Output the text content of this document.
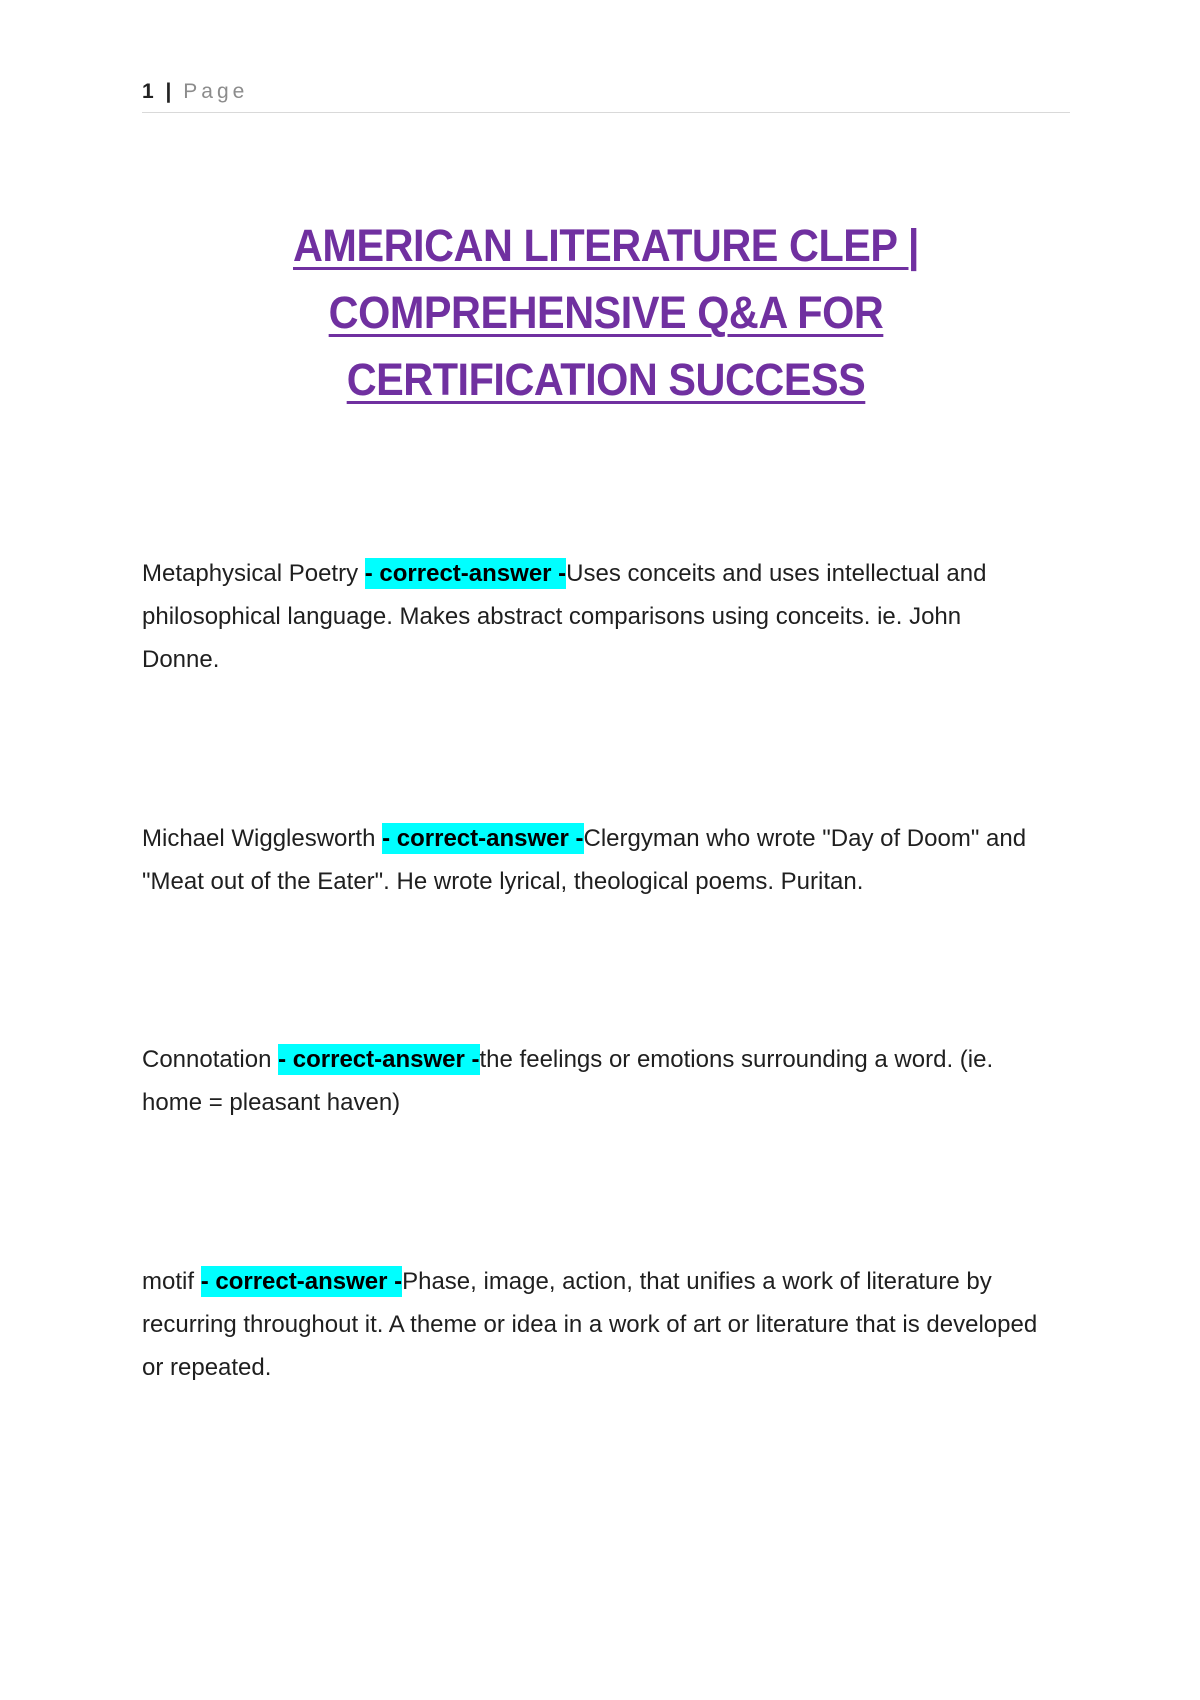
1 | Page
AMERICAN LITERATURE CLEP | COMPREHENSIVE Q&A FOR CERTIFICATION SUCCESS
Metaphysical Poetry - correct-answer -Uses conceits and uses intellectual and philosophical language. Makes abstract comparisons using conceits. ie. John Donne.
Michael Wigglesworth - correct-answer -Clergyman who wrote "Day of Doom" and "Meat out of the Eater". He wrote lyrical, theological poems. Puritan.
Connotation - correct-answer -the feelings or emotions surrounding a word. (ie. home = pleasant haven)
motif - correct-answer -Phase, image, action, that unifies a work of literature by recurring throughout it. A theme or idea in a work of art or literature that is developed or repeated.
